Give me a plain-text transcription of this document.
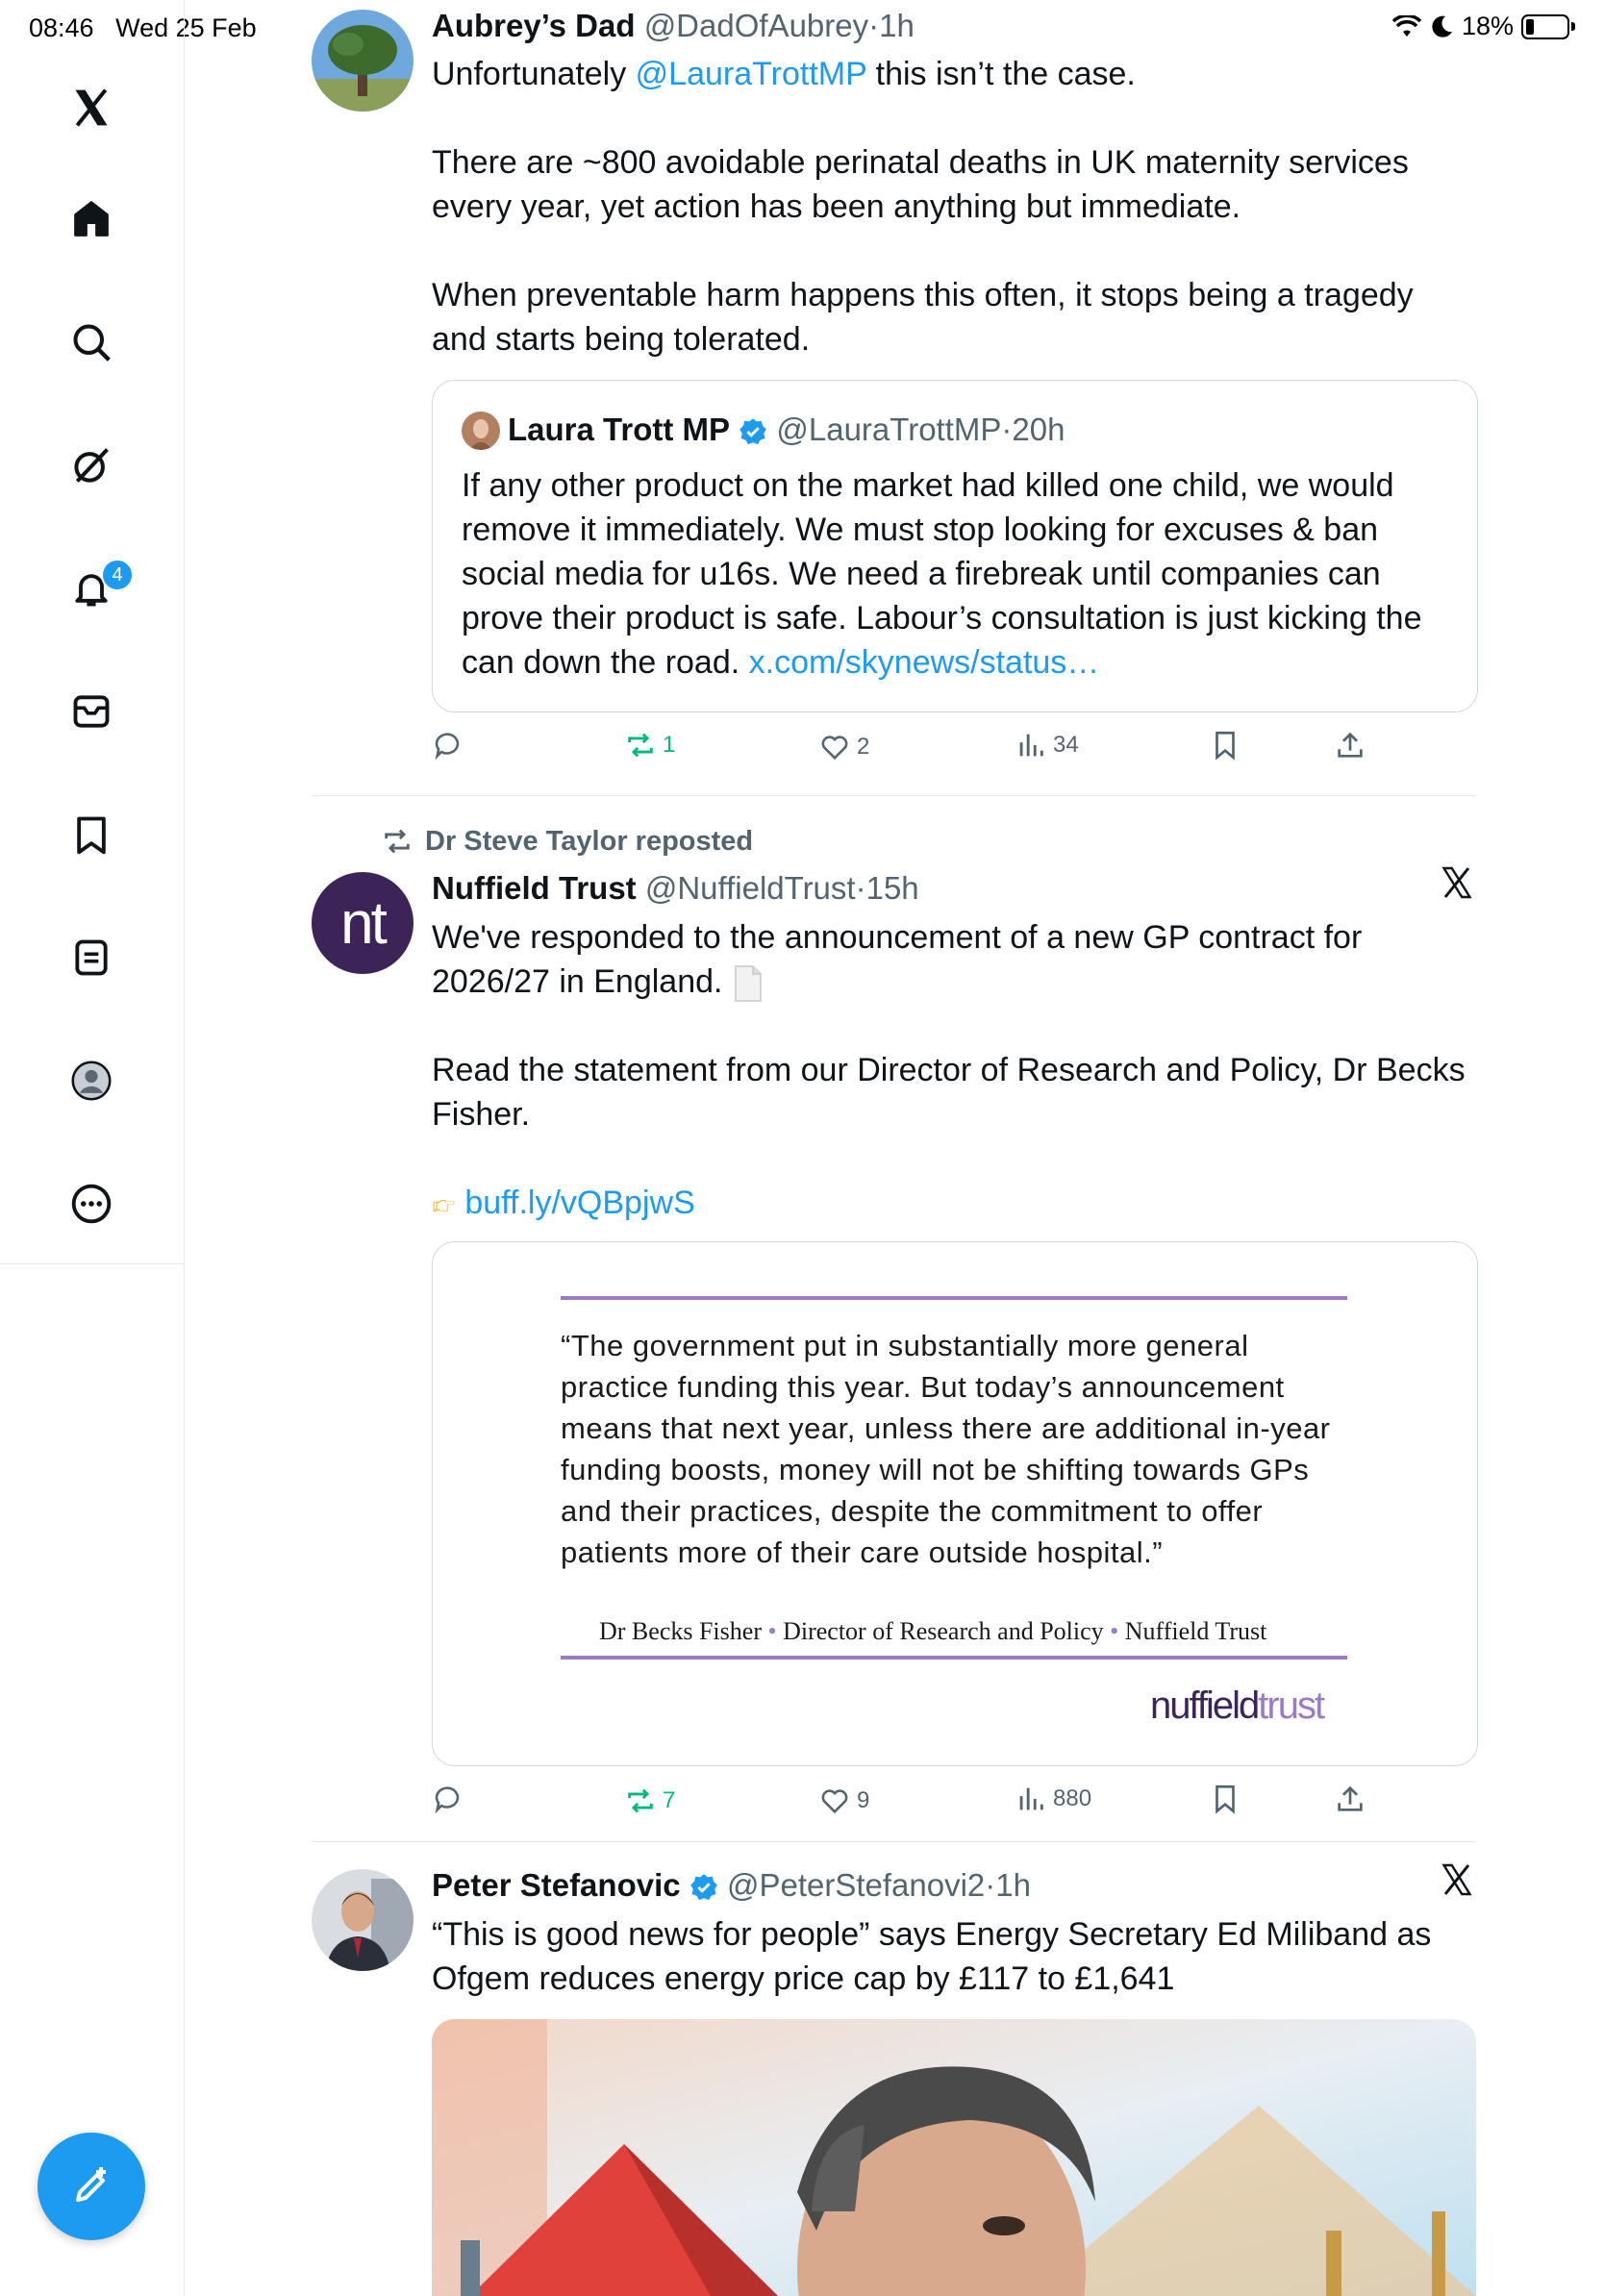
08:46 Wed 25 Feb	18%
4
Aubrey’s Dad @DadOfAubrey·1h
Unfortunately @LauraTrottMP this isn’t the case.
There are ~800 avoidable perinatal deaths in UK maternity services every year, yet action has been anything but immediate.
When preventable harm happens this often, it stops being a tragedy and starts being tolerated.
Laura Trott MP @LauraTrottMP·20h
If any other product on the market had killed one child, we would remove it immediately. We must stop looking for excuses & ban social media for u16s. We need a firebreak until companies can prove their product is safe. Labour’s consultation is just kicking the can down the road. x.com/skynews/status…
1	2	34
Dr Steve Taylor reposted
nt
Nuffield Trust @NuffieldTrust·15h
We've responded to the announcement of a new GP contract for 2026/27 in England.
Read the statement from our Director of Research and Policy, Dr Becks Fisher.
👉︎ buff.ly/vQBpjwS
“The government put in substantially more general practice funding this year. But today’s announcement means that next year, unless there are additional in-year funding boosts, money will not be shifting towards GPs and their practices, despite the commitment to offer patients more of their care outside hospital.”
Dr Becks Fisher • Director of Research and Policy • Nuffield Trust
nuffieldtrust
7	9	880
Peter Stefanovic @PeterStefanovi2·1h
“This is good news for people” says Energy Secretary Ed Miliband as Ofgem reduces energy price cap by £117 to £1,641
